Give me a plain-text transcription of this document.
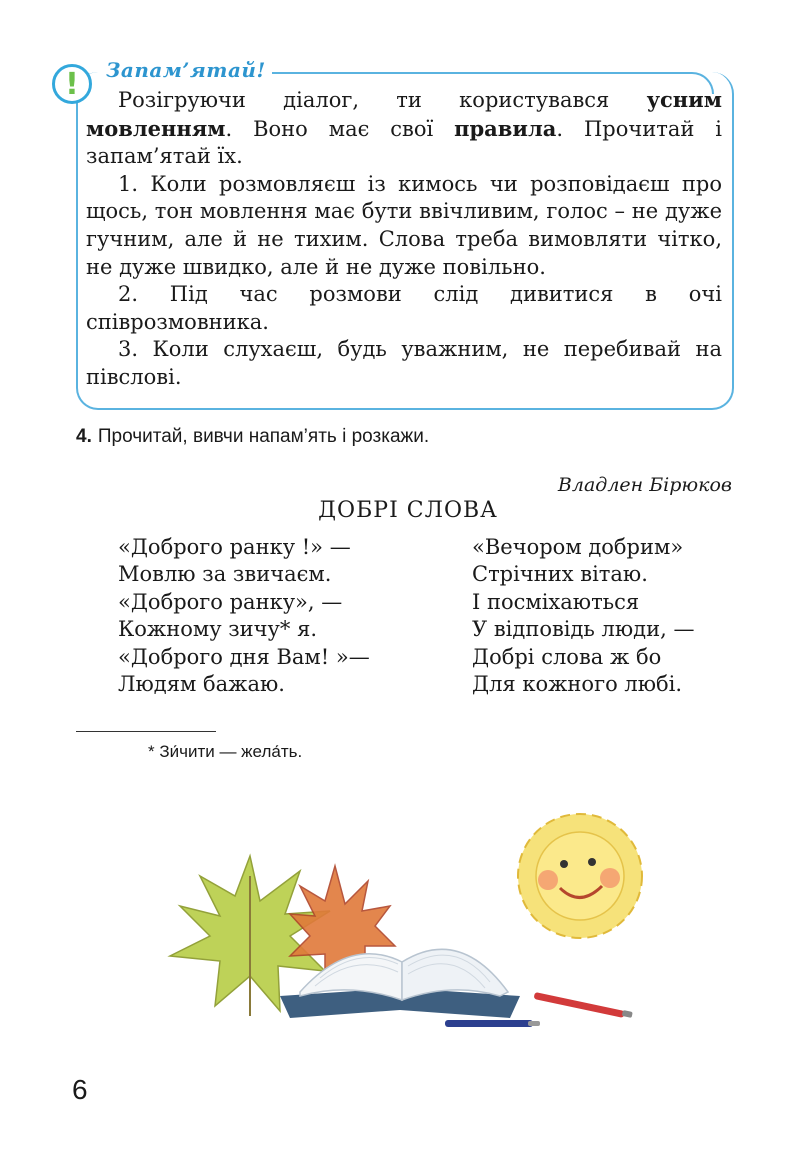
!	Запам’ятай!

Розігруючи діалог, ти користувався усним мовленням. Воно має свої правила. Прочитай і запам’ятай їх.

1. Коли розмовляєш із кимось чи розповідаєш про щось, тон мовлення має бути ввічливим, голос – не дуже гучним, але й не тихим. Слова треба вимовляти чітко, не дуже швидко, але й не дуже повільно.

2. Під час розмови слід дивитися в очі співрозмовника.

3. Коли слухаєш, будь уважним, не перебивай на півслові.

4. Прочитай, вивчи напам’ять і розкажи.
Владлен Бірюков
ДОБРІ СЛОВА
«Доброго ранку !» —
Мовлю за звичаєм.
«Доброго ранку», —
Кожному зичу* я.
«Доброго дня Вам! »—
Людям бажаю.
«Вечором добрим»
Стрічних вітаю.
І посміхаються
У відповідь люди, —
Добрі слова ж бо
Для кожного любі.
* Зи́чити — жела́ть.
6
